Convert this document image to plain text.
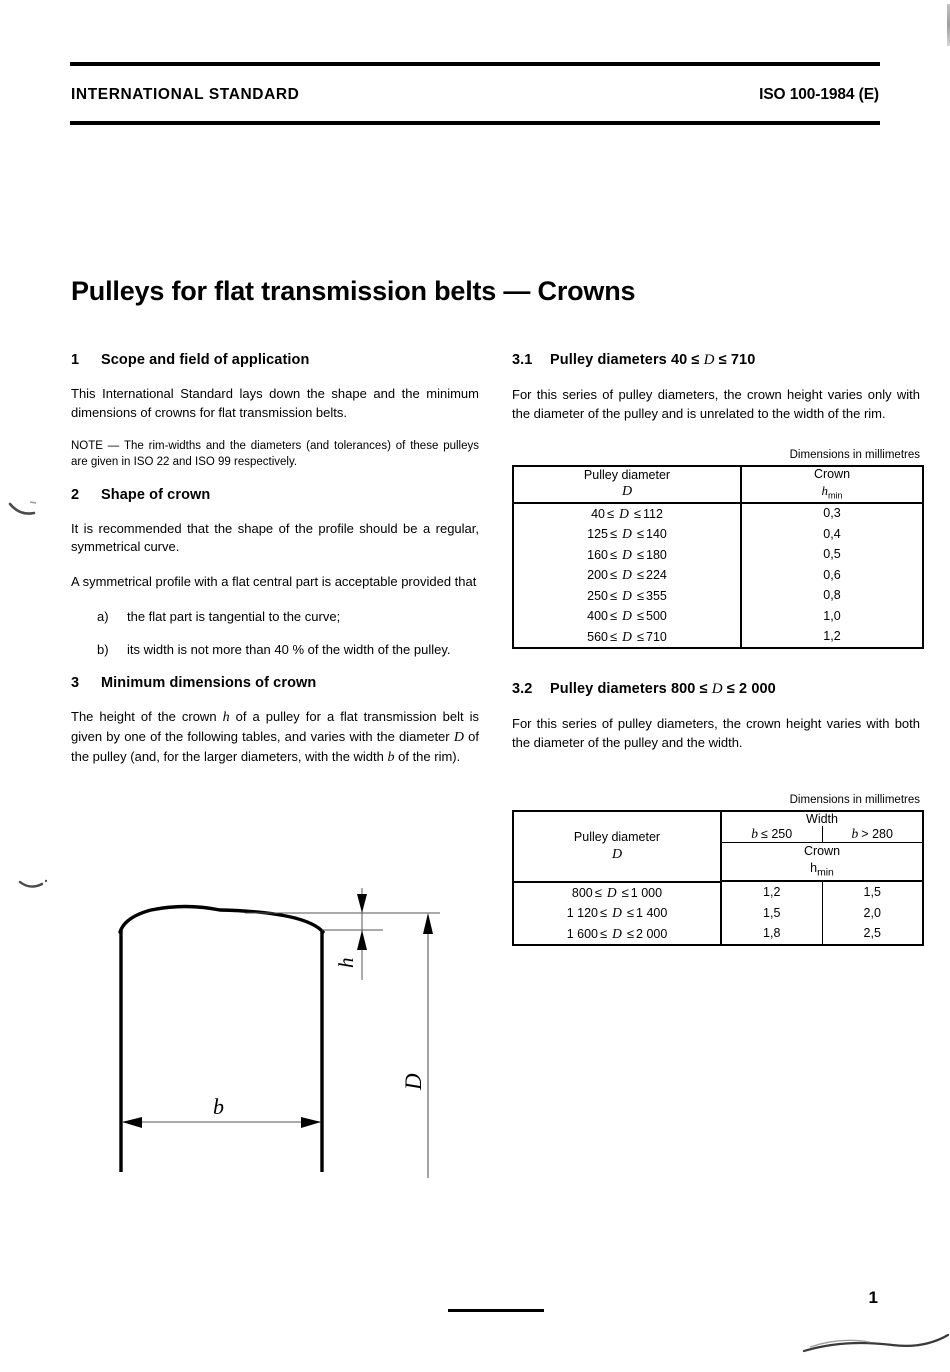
INTERNATIONAL STANDARD	ISO 100-1984 (E)
Pulleys for flat transmission belts — Crowns
1 Scope and field of application

This International Standard lays down the shape and the minimum dimensions of crowns for flat transmission belts.

NOTE — The rim-widths and the diameters (and tolerances) of these pulleys are given in ISO 22 and ISO 99 respectively.

2 Shape of crown

It is recommended that the shape of the profile should be a regular, symmetrical curve.

A symmetrical profile with a flat central part is acceptable provided that

a)	the flat part is tangential to the curve;

b)	its width is not more than 40 % of the width of the pulley.

3 Minimum dimensions of crown

The height of the crown h of a pulley for a flat transmission belt is given by one of the following tables, and varies with the diameter D of the pulley (and, for the larger diameters, with the width b of the rim).

3.1 Pulley diameters 40 ≤ D ≤ 710

For this series of pulley diameters, the crown height varies only with the diameter of the pulley and is unrelated to the width of the rim.

Dimensions in millimetres
Pulley diameter
D	Crown
$h_{min}$
40 ≤ D ≤ 112	0,3
125 ≤ D ≤ 140	0,4
160 ≤ D ≤ 180	0,5
200 ≤ D ≤ 224	0,6
250 ≤ D ≤ 355	0,8
400 ≤ D ≤ 500	1,0
560 ≤ D ≤ 710	1,2
3.2 Pulley diameters 800 ≤ D ≤ 2 000

For this series of pulley diameters, the crown height varies with both the diameter of the pulley and the width.

Dimensions in millimetres
Pulley diameter
D	Width	
	b ≤ 250	b > 280
	Crown
$h_{min}$

800 ≤ D ≤ 1 000	1,2	1,5
1 120 ≤ D ≤ 1 400	1,5	2,0
1 600 ≤ D ≤ 2 000	1,8	2,5
h
D
b
1
